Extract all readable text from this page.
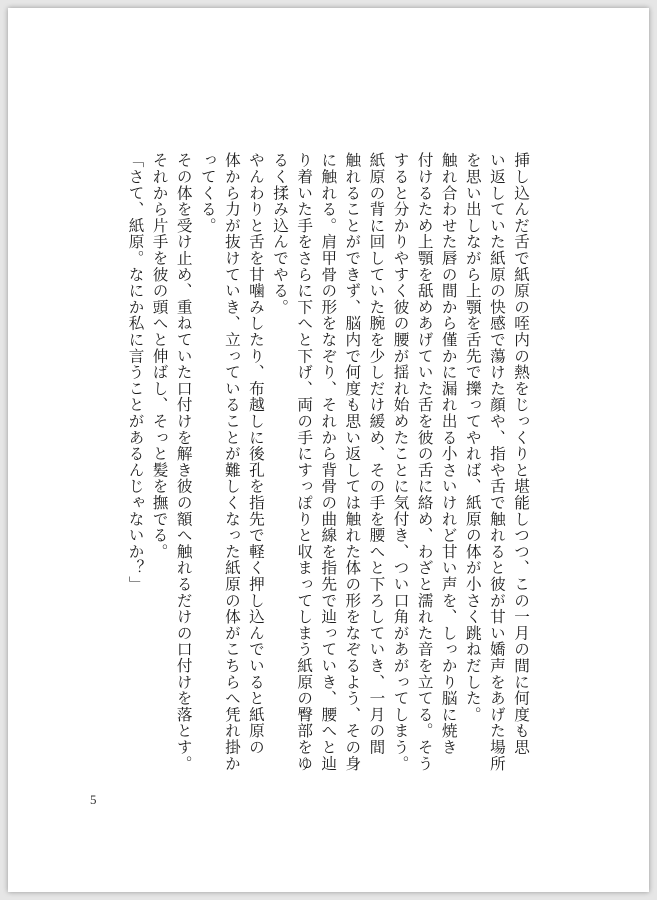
挿し込んだ舌で紙原の咥内の熱をじっくりと堪能しつつ、この一月の間に何度も思
い返していた紙原の快感で蕩けた顔や、指や舌で触れると彼が甘い嬌声をあげた場所
を思い出しながら上顎を舌先で擽ってやれば、紙原の体が小さく跳ねだした。
触れ合わせた唇の間から僅かに漏れ出る小さいけれど甘い声を、しっかり脳に焼き
付けるため上顎を舐めあげていた舌を彼の舌に絡め、わざと濡れた音を立てる。そう
すると分かりやすく彼の腰が揺れ始めたことに気付き、つい口角があがってしまう。
紙原の背に回していた腕を少しだけ緩め、その手を腰へと下ろしていき、一月の間
触れることができず、脳内で何度も思い返しては触れた体の形をなぞるよう、その身
に触れる。肩甲骨の形をなぞり、それから背骨の曲線を指先で辿っていき、腰へと辿
り着いた手をさらに下へと下げ、両の手にすっぽりと収まってしまう紙原の臀部をゆ
るく揉み込んでやる。
やんわりと舌を甘噛みしたり、布越しに後孔を指先で軽く押し込んでいると紙原の
体から力が抜けていき、立っていることが難しくなった紙原の体がこちらへ凭れ掛か
ってくる。
その体を受け止め、重ねていた口付けを解き彼の額へ触れるだけの口付けを落とす。
それから片手を彼の頭へと伸ばし、そっと髪を撫でる。
「さて、紙原。なにか私に言うことがあるんじゃないか？」
5
